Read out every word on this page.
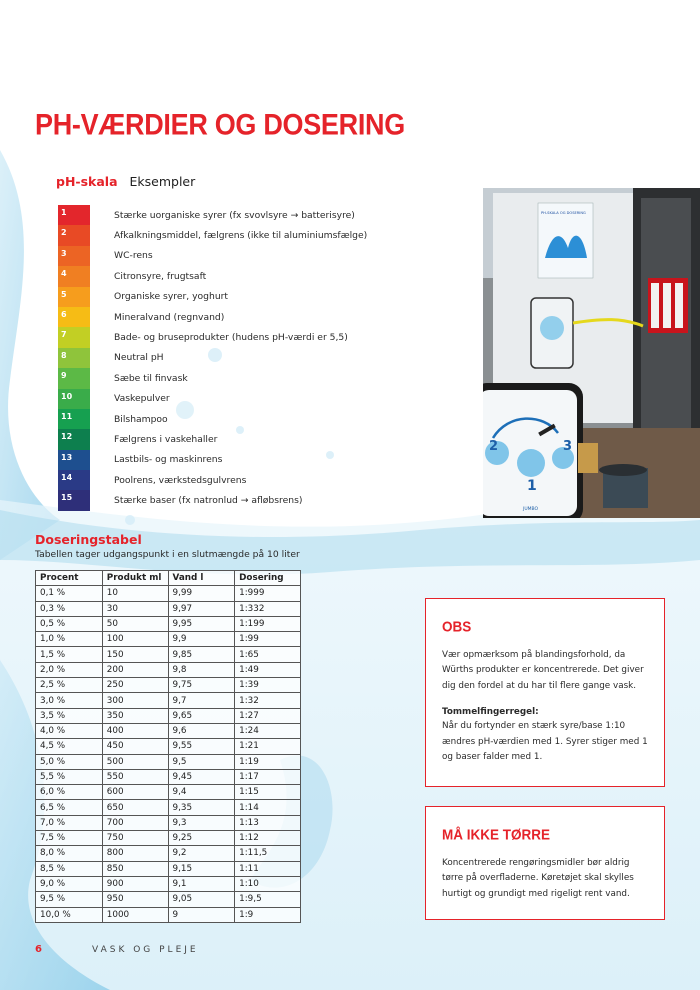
PH-VÆRDIER OG DOSERING
pH-skala Eksempler
1	Stærke uorganiske syrer (fx svovlsyre → batterisyre)
2	Afkalkningsmiddel, fælgrens (ikke til aluminiumsfælge)
3	WC-rens
4	Citronsyre, frugtsaft
5	Organiske syrer, yoghurt
6	Mineralvand (regnvand)
7	Bade- og bruseprodukter (hudens pH-værdi er 5,5)
8	Neutral pH
9	Sæbe til finvask
10	Vaskepulver
11	Bilshampoo
12	Fælgrens i vaskehaller
13	Lastbils- og maskinrens
14	Poolrens, værkstedsgulvrens
15	Stærke baser (fx natronlud → afløbsrens)
PH-SKALA OG DOSERING
2
1
3
JUMBO
Doseringstabel
Tabellen tager udgangspunkt i en slutmængde på 10 liter
Procent	Produkt ml	Vand l	Dosering
0,1 %	10	9,99	1:999
0,3 %	30	9,97	1:332
0,5 %	50	9,95	1:199
1,0 %	100	9,9	1:99
1,5 %	150	9,85	1:65
2,0 %	200	9,8	1:49
2,5 %	250	9,75	1:39
3,0 %	300	9,7	1:32
3,5 %	350	9,65	1:27
4,0 %	400	9,6	1:24
4,5 %	450	9,55	1:21
5,0 %	500	9,5	1:19
5,5 %	550	9,45	1:17
6,0 %	600	9,4	1:15
6,5 %	650	9,35	1:14
7,0 %	700	9,3	1:13
7,5 %	750	9,25	1:12
8,0 %	800	9,2	1:11,5
8,5 %	850	9,15	1:11
9,0 %	900	9,1	1:10
9,5 %	950	9,05	1:9,5
10,0 %	1000	9	1:9
OBS

Vær opmærksom på blandingsforhold, da Würths produkter er koncentrerede. Det giver dig den fordel at du har til flere gange vask.

Tommelfingerregel:

Når du fortynder en stærk syre/base 1:10 ændres pH-værdien med 1. Syrer stiger med 1 og baser falder med 1.

MÅ IKKE TØRRE

Koncentrerede rengøringsmidler bør aldrig tørre på overfladerne. Køretøjet skal skylles hurtigt og grundigt med rigeligt rent vand.

6	VASK OG PLEJE
